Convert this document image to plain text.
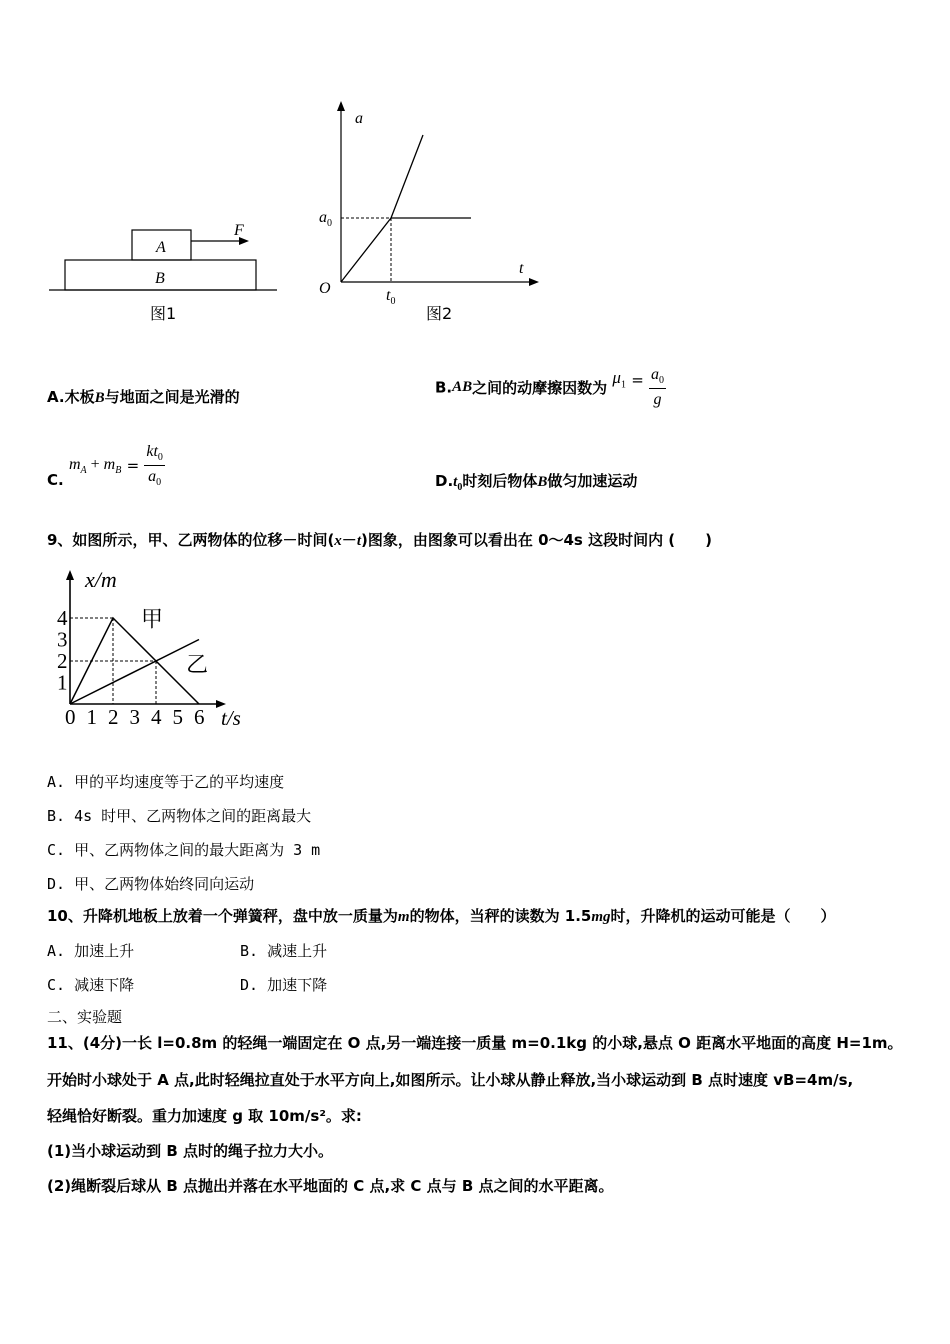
A
B
F
图1
a
t
O
$a_0$
$t_0$
图2
A.木板B与地面之间是光滑的
B.AB之间的动摩擦因数为 $\mu_1 = \frac{a_0}{g}$
C. $m_A + m_B = \frac{kt_0}{a_0}$	$D.t_0$时刻后物体B做匀加速运动
9、如图所示，甲、乙两物体的位移－时间(x－t)图象，由图象可以看出在 0～4s 这段时间内 (　　)
0 1 2 3 4 5 6
1
2
3
4	甲
乙
x/m
t/s
A. 甲的平均速度等于乙的平均速度
B. 4s 时甲、乙两物体之间的距离最大
C. 甲、乙两物体之间的最大距离为 3 m
D. 甲、乙两物体始终同向运动
10、升降机地板上放着一个弹簧秤，盘中放一质量为m的物体，当秤的读数为 1.5mg时，升降机的运动可能是（　　）
A. 加速上升	B. 减速上升
C. 减速下降	D. 加速下降
二、实验题
11、(4分)一长 l=0.8m 的轻绳一端固定在 O 点,另一端连接一质量 m=0.1kg 的小球,悬点 O 距离水平地面的高度 H=1m。
开始时小球处于 A 点,此时轻绳拉直处于水平方向上,如图所示。让小球从静止释放,当小球运动到 B 点时速度 vB=4m/s,
轻绳恰好断裂。重力加速度 g 取 10m/s²。求:
(1)当小球运动到 B 点时的绳子拉力大小。
(2)绳断裂后球从 B 点抛出并落在水平地面的 C 点,求 C 点与 B 点之间的水平距离。
